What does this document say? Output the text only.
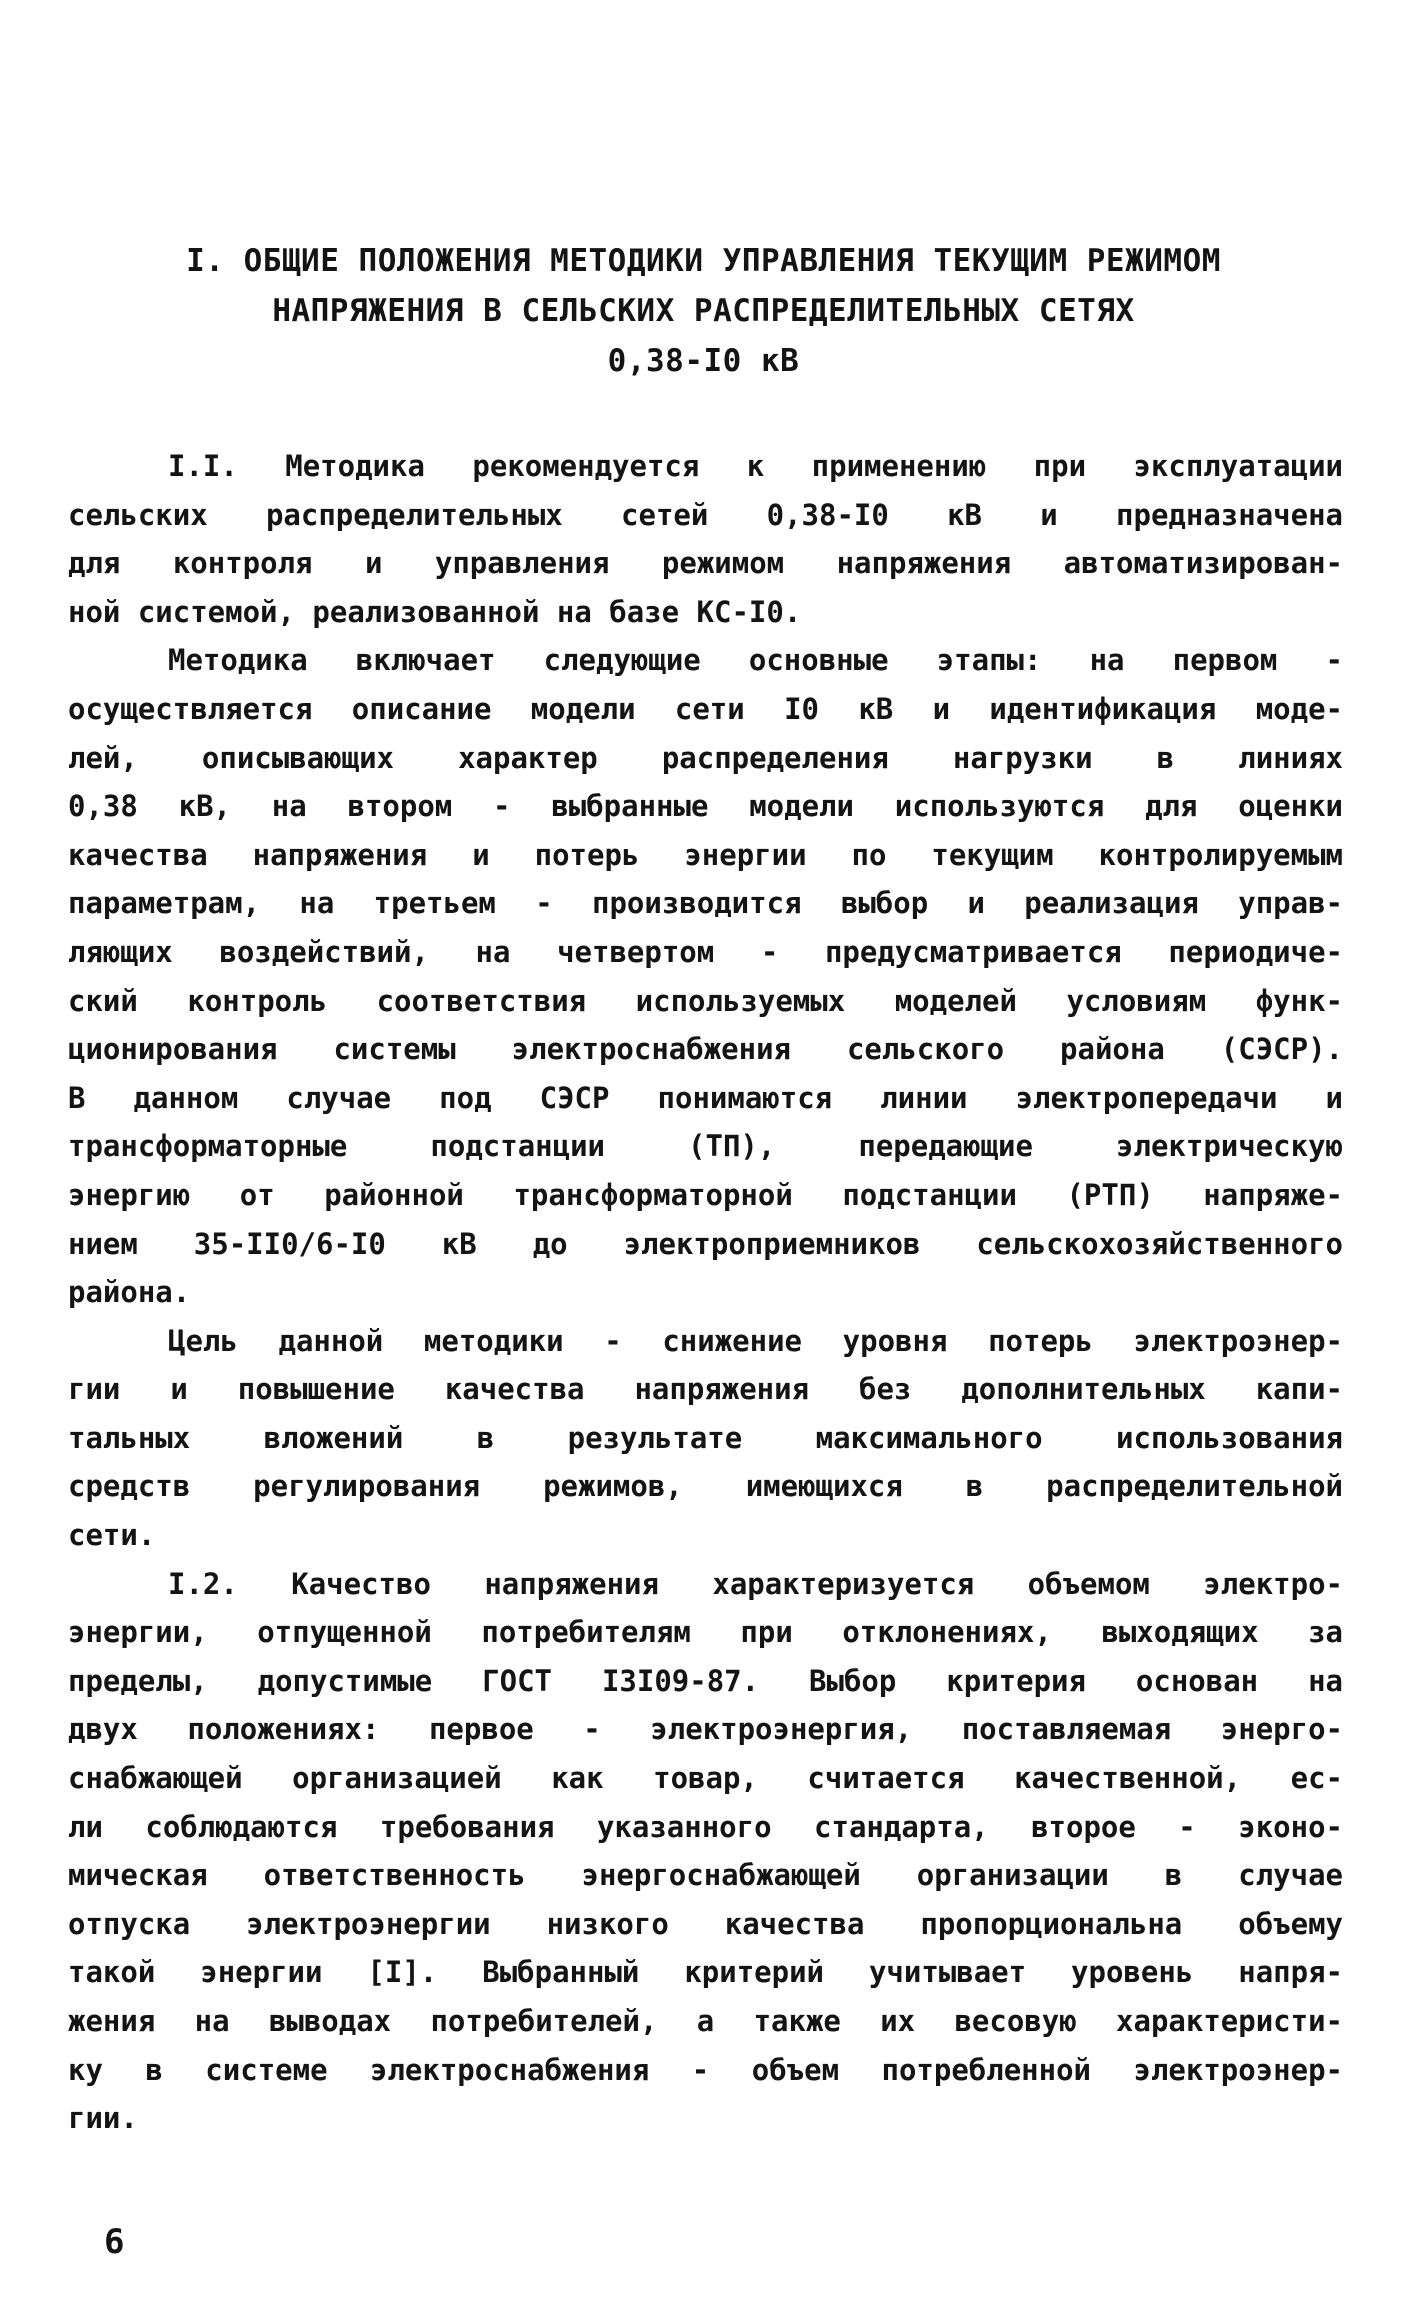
I. ОБЩИЕ ПОЛОЖЕНИЯ МЕТОДИКИ УПРАВЛЕНИЯ ТЕКУЩИМ РЕЖИМОМ
НАПРЯЖЕНИЯ В СЕЛЬСКИХ РАСПРЕДЕЛИТЕЛЬНЫХ СЕТЯХ
0,38-I0 кВ
I.I. Методика рекомендуется к применению при эксплуатации
сельских распределительных сетей 0,38-I0 кВ и предназначена
для контроля и управления режимом напряжения автоматизирован-
ной системой, реализованной на базе КС-I0.
Методика включает следующие основные этапы: на первом -
осуществляется описание модели сети I0 кВ и идентификация моде-
лей, описывающих характер распределения нагрузки в линиях
0,38 кВ, на втором - выбранные модели используются для оценки
качества напряжения и потерь энергии по текущим контролируемым
параметрам, на третьем - производится выбор и реализация управ-
ляющих воздействий, на четвертом - предусматривается периодиче-
ский контроль соответствия используемых моделей условиям функ-
ционирования системы электроснабжения сельского района (СЭСР).
В данном случае под СЭСР понимаются линии электропередачи и
трансформаторные подстанции (ТП), передающие электрическую
энергию от районной трансформаторной подстанции (РТП) напряже-
нием 35-II0/6-I0 кВ до электроприемников сельскохозяйственного
района.
Цель данной методики - снижение уровня потерь электроэнер-
гии и повышение качества напряжения без дополнительных капи-
тальных вложений в результате максимального использования
средств регулирования режимов, имеющихся в распределительной
сети.
I.2. Качество напряжения характеризуется объемом электро-
энергии, отпущенной потребителям при отклонениях, выходящих за
пределы, допустимые ГОСТ I3I09-87. Выбор критерия основан на
двух положениях: первое - электроэнергия, поставляемая энерго-
снабжающей организацией как товар, считается качественной, ес-
ли соблюдаются требования указанного стандарта, второе - эконо-
мическая ответственность энергоснабжающей организации в случае
отпуска электроэнергии низкого качества пропорциональна объему
такой энергии [I]. Выбранный критерий учитывает уровень напря-
жения на выводах потребителей, а также их весовую характеристи-
ку в системе электроснабжения - объем потребленной электроэнер-
гии.
6
